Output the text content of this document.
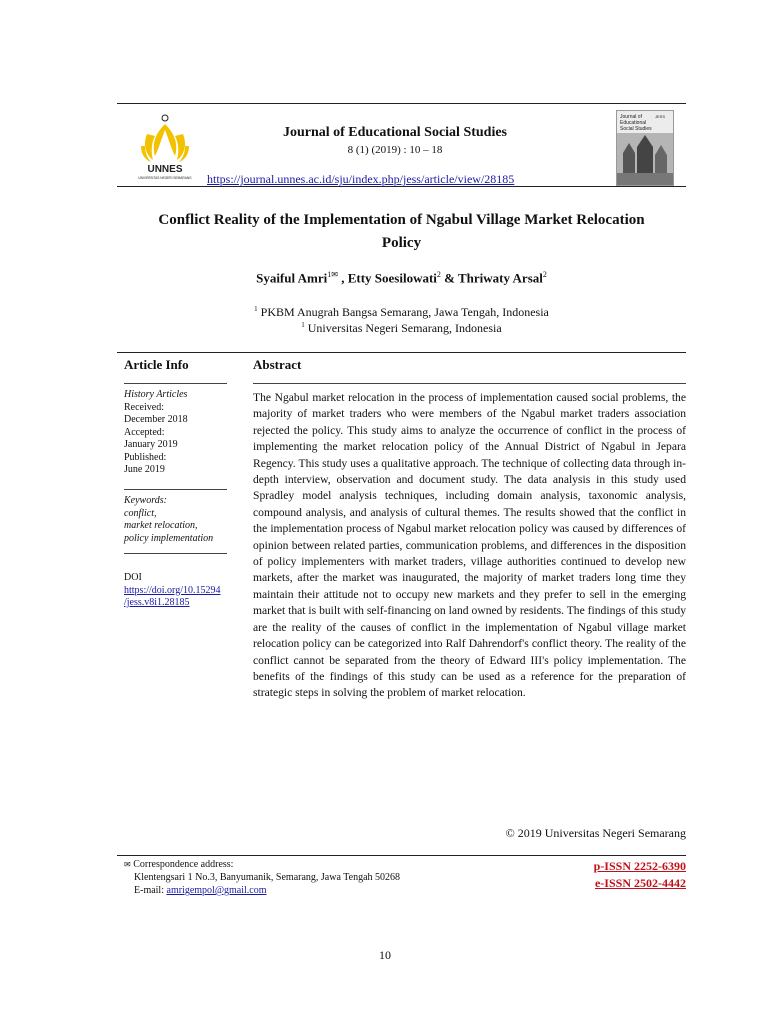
UNNES
UNIVERSITAS NEGERI SEMARANG
Journal of Educational Social Studies
8 (1) (2019) : 10 – 18
https://journal.unnes.ac.id/sju/index.php/jess/article/view/28185
Journal of Educational Social Studies
JESS
Conflict Reality of the Implementation of Ngabul Village Market Relocation
Policy
Syaiful Amri$^{1✉}$ , Etty Soesilowati$^2$ & Thriwaty Arsal$^2$
$^1$ PKBM Anugrah Bangsa Semarang, Jawa Tengah, Indonesia
$^1$ Universitas Negeri Semarang, Indonesia
Article Info
History Articles
Received:
December 2018
Accepted:
January 2019
Published:
June 2019
Keywords:
conflict,
market relocation,
policy implementation
DOI
https://doi.org/10.15294
/jess.v8i1.28185
Abstract
The Ngabul market relocation in the process of implementation caused social problems, the majority of market traders who were members of the Ngabul market traders association rejected the policy. This study aims to analyze the occurrence of conflict in the process of implementing the market relocation policy of the Annual District of Ngabul in Jepara Regency. This study uses a qualitative approach. The technique of collecting data through in-depth interview, observation and document study. The data analysis in this study used Spradley model analysis techniques, including domain analysis, taxonomic analysis, compound analysis, and analysis of cultural themes. The results showed that the conflict in the implementation process of Ngabul market relocation policy was caused by differences of opinion between related parties, communication problems, and differences in the disposition of policy implementers with market traders, village authorities continued to develop new markets, after the market was inaugurated, the majority of market traders long time they maintain their attitude not to occupy new markets and they prefer to sell in the emerging market that is built with self-financing on land owned by residents. The findings of this study are the reality of the causes of conflict in the implementation of Ngabul village market relocation policy can be categorized into Ralf Dahrendorf's conflict theory. The reality of the conflict cannot be separated from the theory of Edward III's policy implementation. The benefits of the findings of this study can be used as a reference for the preparation of strategic steps in solving the problem of market relocation.
© 2019 Universitas Negeri Semarang
✉ Correspondence address:
Klentengsari 1 No.3, Banyumanik, Semarang, Jawa Tengah 50268
E-mail: amrigempol@gmail.com
p-ISSN 2252-6390
e-ISSN 2502-4442
10
